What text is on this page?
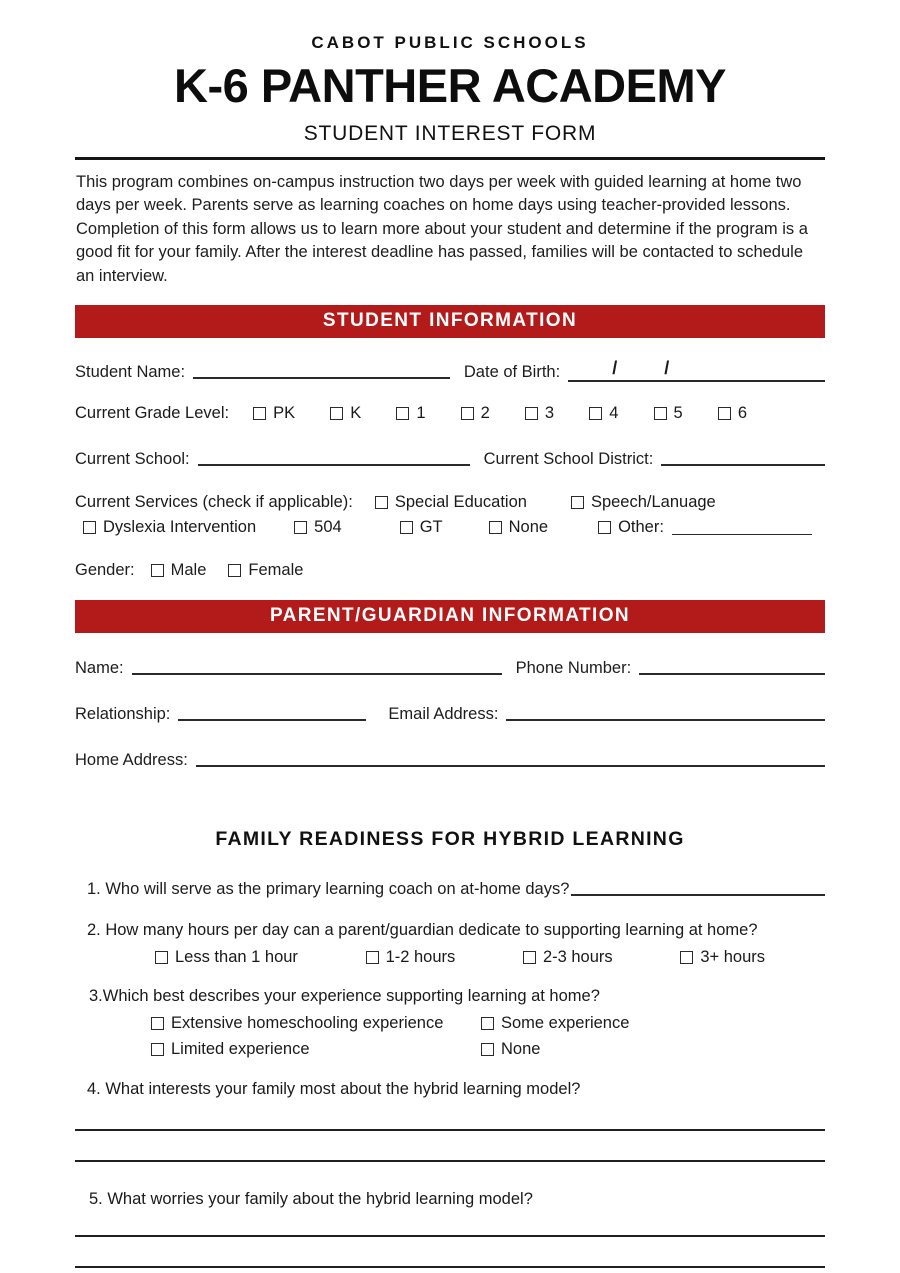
CABOT PUBLIC SCHOOLS
K-6 PANTHER ACADEMY
STUDENT INTEREST FORM
This program combines on-campus instruction two days per week with guided learning at home two days per week. Parents serve as learning coaches on home days using teacher-provided lessons. Completion of this form allows us to learn more about your student and determine if the program is a good fit for your family. After the interest deadline has passed, families will be contacted to schedule an interview.
STUDENT INFORMATION
Student Name:	Date of Birth:	/	/
Current Grade Level:	PK	K	1	2	3	4	5	6
Current School:	Current School District:
Current Services (check if applicable):	Special Education	Speech/Lanuage
Dyslexia Intervention	504	GT	None	Other:
Gender: Male	Female
PARENT/GUARDIAN INFORMATION
Name:	Phone Number:
Relationship:	Email Address:
Home Address:
FAMILY READINESS FOR HYBRID LEARNING
1. Who will serve as the primary learning coach on at-home days?
2. How many hours per day can a parent/guardian dedicate to supporting learning at home?
Less than 1 hour	1-2 hours	2-3 hours	3+ hours
3.Which best describes your experience supporting learning at home?
Extensive homeschooling experience	Some experience
Limited experience	None
4. What interests your family most about the hybrid learning model?
5. What worries your family about the hybrid learning model?
